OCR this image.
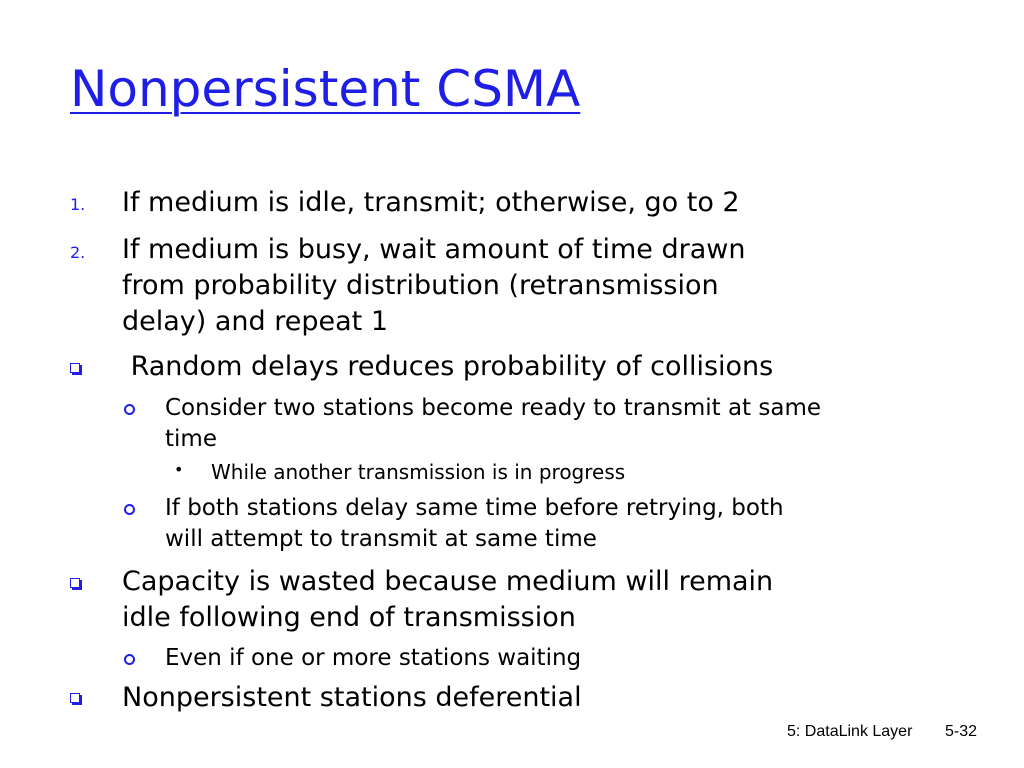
Nonpersistent CSMA
1. If medium is idle, transmit; otherwise, go to 2
2. If medium is busy, wait amount of time drawn
from probability distribution (retransmission
delay) and repeat 1
Random delays reduces probability of collisions
Consider two stations become ready to transmit at same
time
• While another transmission is in progress
If both stations delay same time before retrying, both
will attempt to transmit at same time
Capacity is wasted because medium will remain
idle following end of transmission
Even if one or more stations waiting
Nonpersistent stations deferential
5: DataLink Layer 5-32
